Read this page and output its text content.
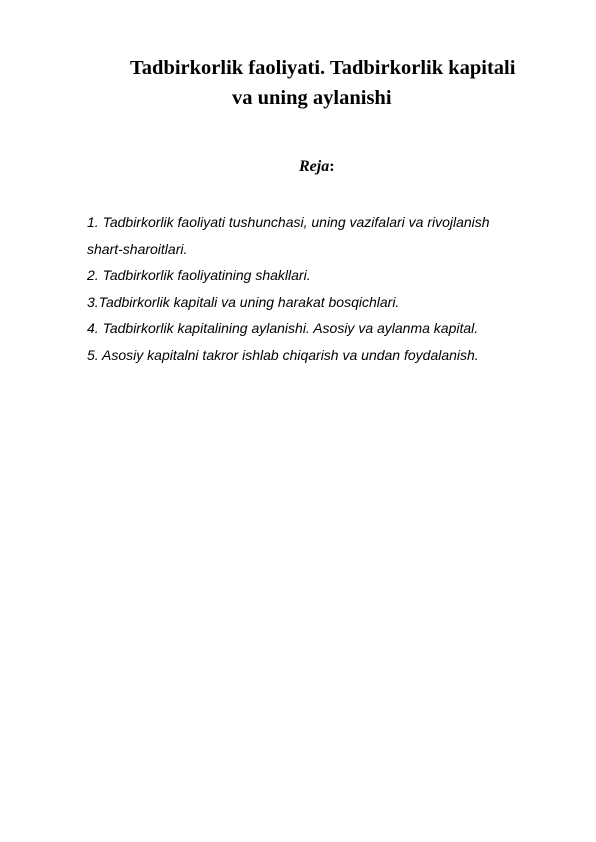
Tadbirkorlik faoliyati. Tadbirkorlik kapitali
va uning aylanishi

Reja:

1. Tadbirkorlik faoliyati tushunchasi, uning vazifalari va rivojlanish
shart-sharoitlari.
2. Tadbirkorlik faoliyatining shakllari.
3.Tadbirkorlik kapitali va uning harakat bosqichlari.
4. Tadbirkorlik kapitalining aylanishi. Asosiy va aylanma kapital.
5. Asosiy kapitalni takror ishlab chiqarish va undan foydalanish.
